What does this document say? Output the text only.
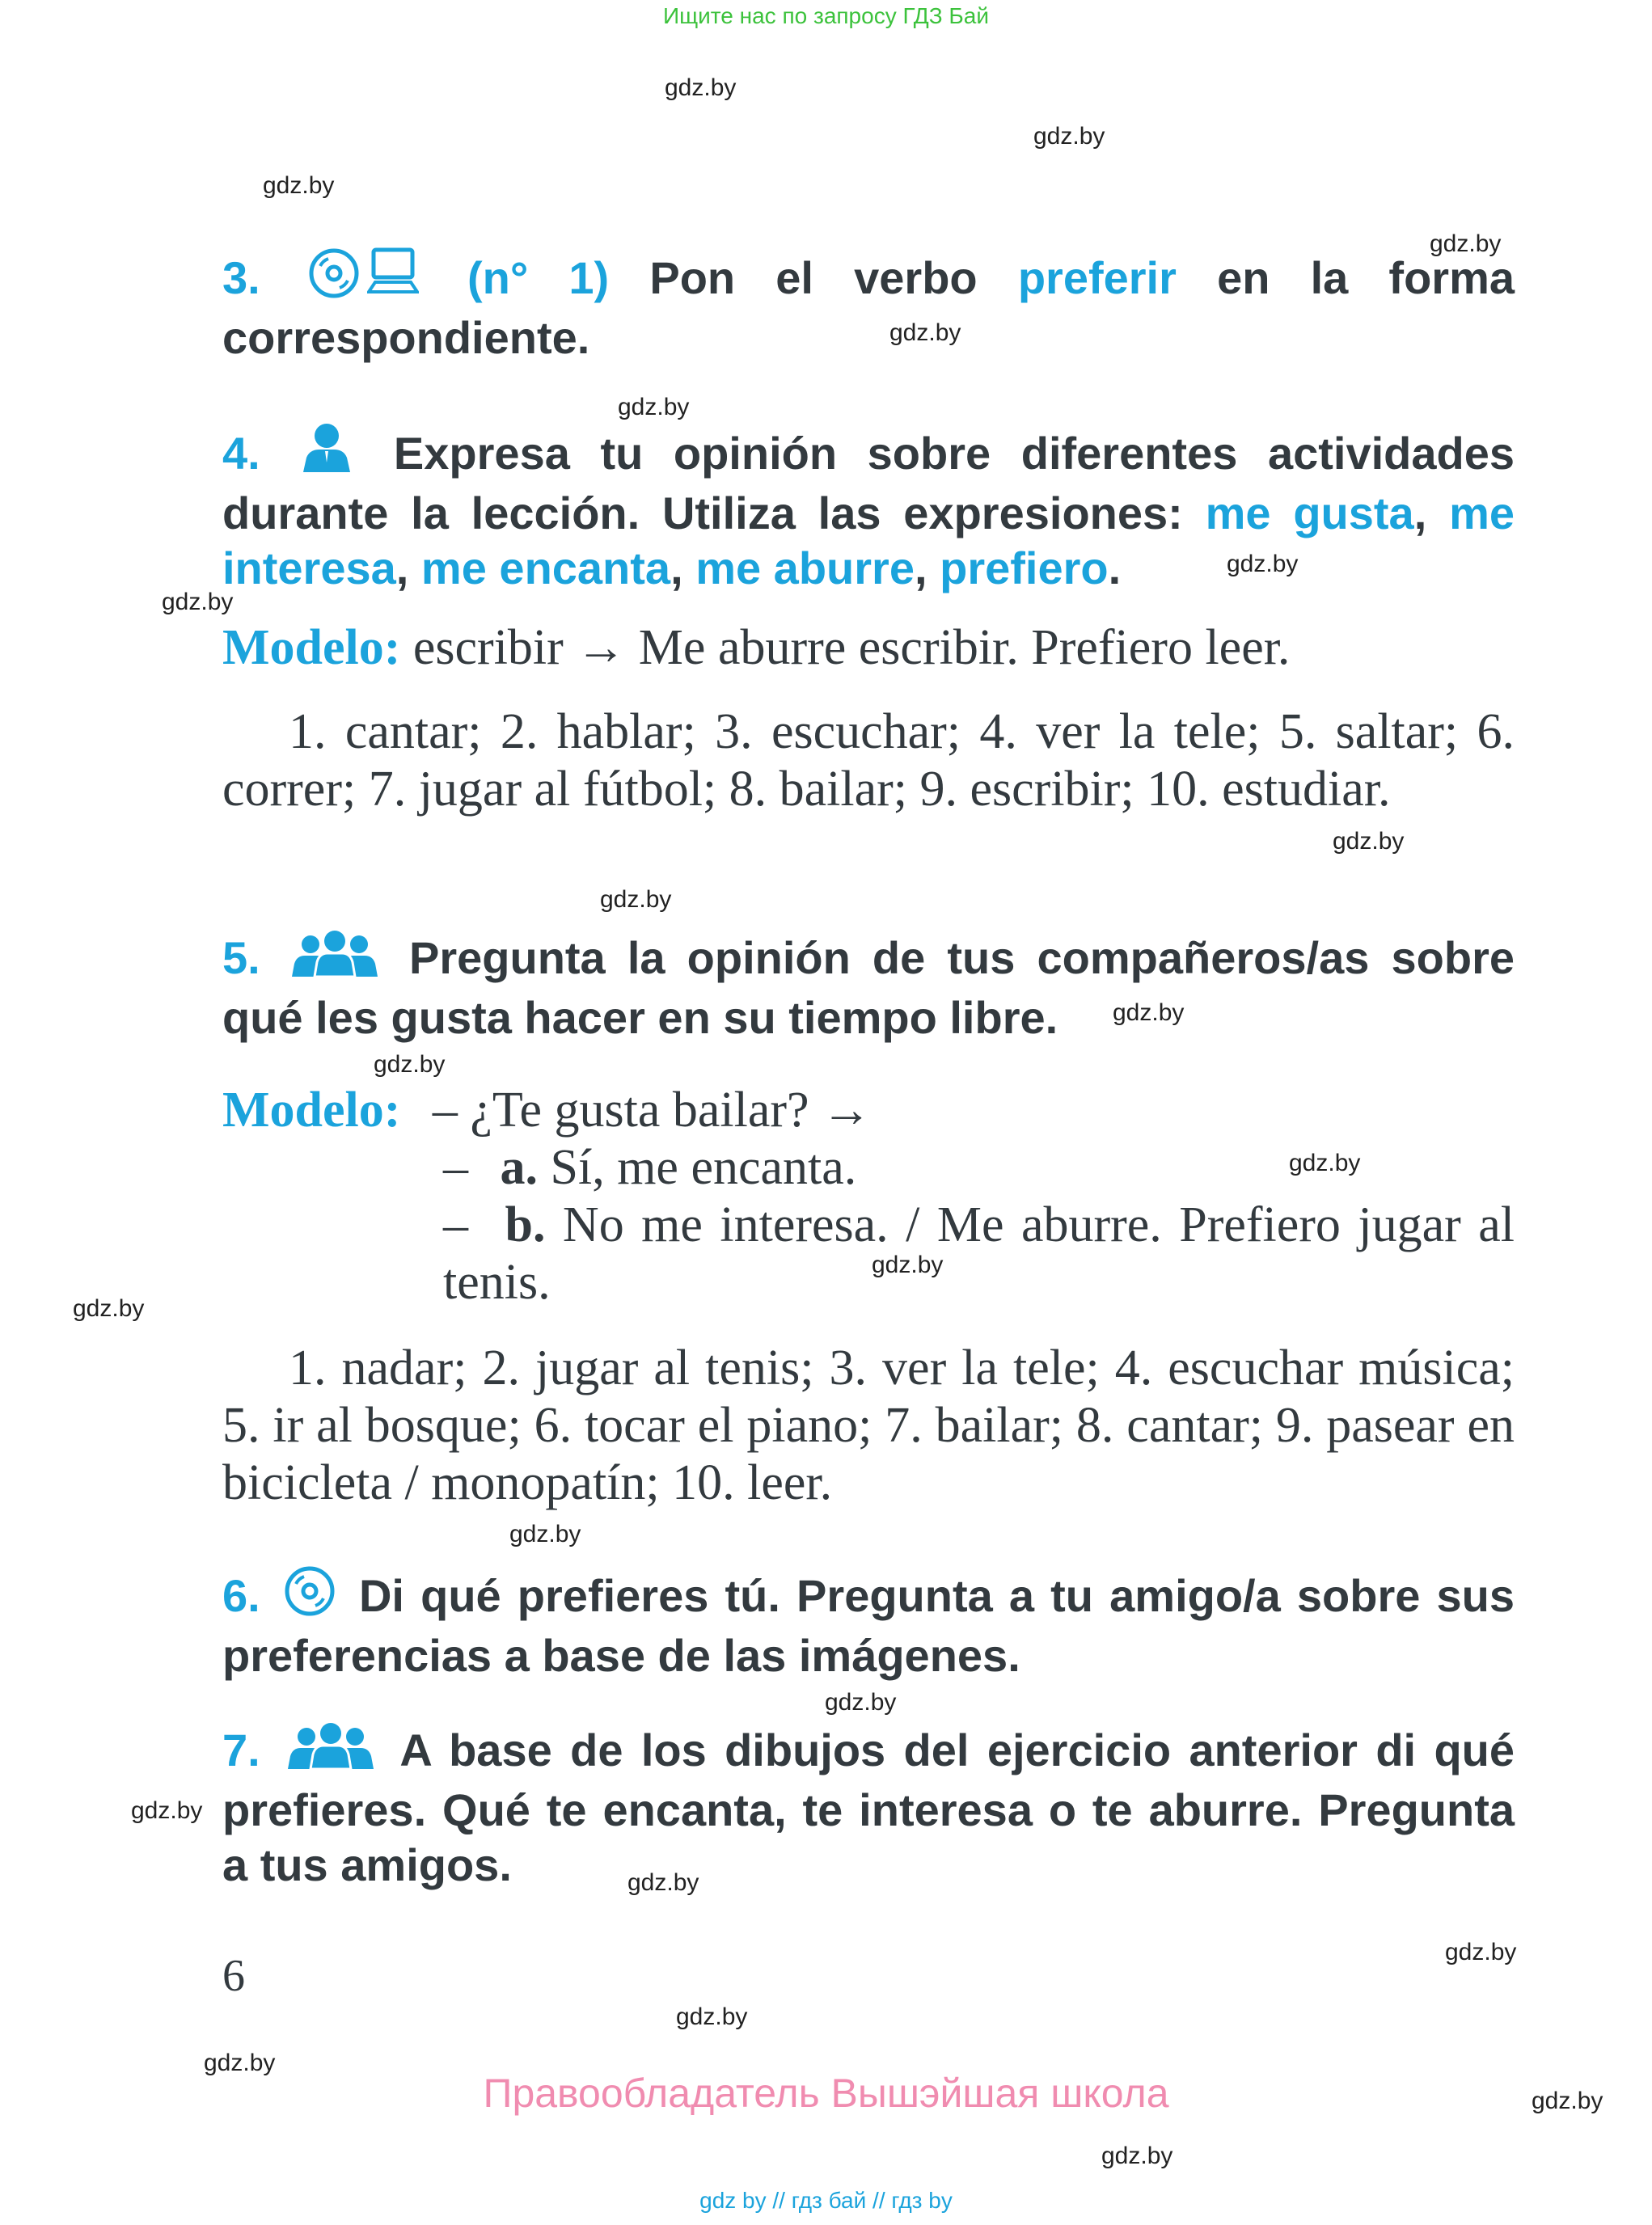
Ищите нас по запросу ГДЗ Бай
gdz.by
gdz.by
gdz.by
gdz.by
gdz.by
gdz.by
gdz.by
gdz.by
gdz.by
gdz.by
gdz.by
gdz.by
gdz.by
gdz.by
gdz.by
gdz.by
gdz.by
gdz.by
gdz.by
gdz.by
gdz.by
gdz.by
gdz.by
gdz.by
3.	(n° 1) Pon el verbo preferir en la forma correspondiente.
4.	Expresa tu opinión sobre diferentes actividades durante la lección. Utiliza las expresiones: me gusta, me interesa, me encanta, me aburre, prefiero.
Modelo: escribir → Me aburre escribir. Prefiero leer.
1. cantar; 2. hablar; 3. escuchar; 4. ver la tele; 5. saltar; 6. correr; 7. jugar al fútbol; 8. bailar; 9. escribir; 10. estudiar.
5.	Pregunta la opinión de tus compañeros/as sobre qué les gusta hacer en su tiempo libre.
Modelo: – ¿Te gusta bailar? →
– a. Sí, me encanta.
– b. No me interesa. / Me aburre. Prefiero jugar al tenis.
1. nadar; 2. jugar al tenis; 3. ver la tele; 4. escuchar música; 5. ir al bosque; 6. tocar el piano; 7. bailar; 8. cantar; 9. pasear en bicicleta / monopatín; 10. leer.
6. Di qué prefieres tú. Pregunta a tu amigo/a sobre sus preferencias a base de las imágenes.
7.	A base de los dibujos del ejercicio anterior di qué prefieres. Qué te encanta, te interesa o te aburre. Pregunta a tus amigos.
6
Правообладатель Вышэйшая школа
gdz by // гдз бай // гдз by
